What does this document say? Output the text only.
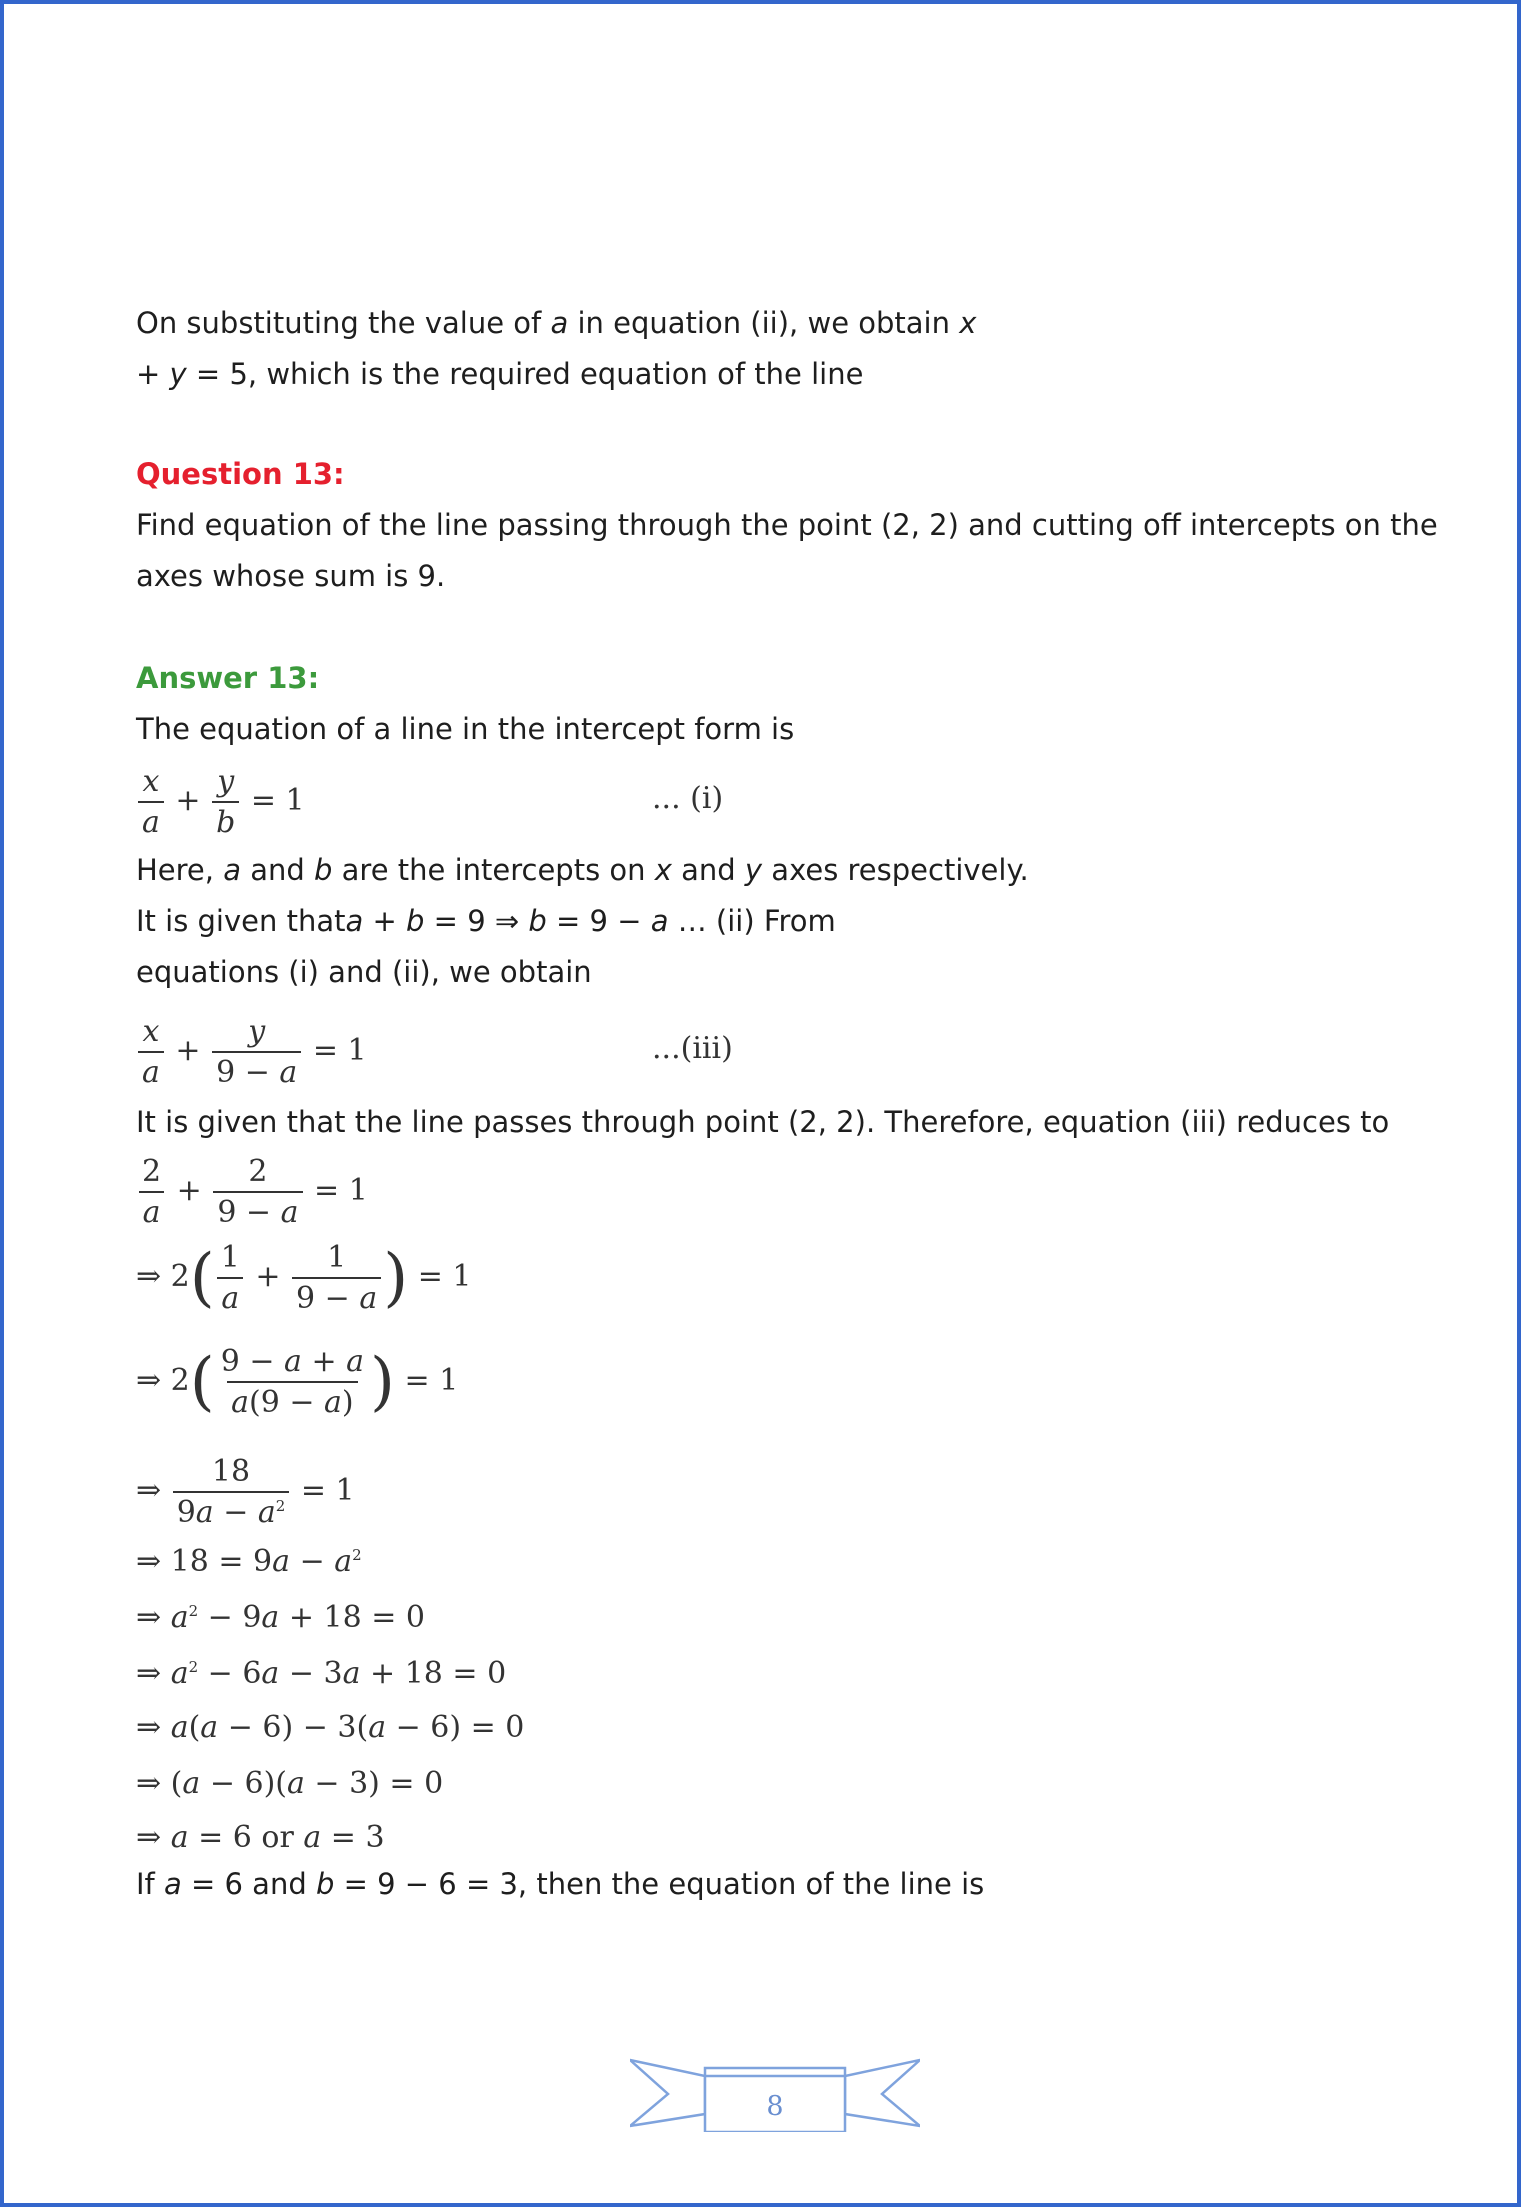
On substituting the value of a in equation (ii), we obtain x
+ y = 5, which is the required equation of the line
Question 13:
Find equation of the line passing through the point (2, 2) and cutting off intercepts on the
axes whose sum is 9.
Answer 13:
The equation of a line in the intercept form is
$\frac{x}{a} + \frac{y}{b} = 1$	... (i)
Here, a and b are the intercepts on x and y axes respectively.
It is given thata + b = 9 ⇒ b = 9 − a … (ii) From
equations (i) and (ii), we obtain
$\frac{x}{a} + \frac{y}{9 - a} = 1$	...(iii)
It is given that the line passes through point (2, 2). Therefore, equation (iii) reduces to
$\frac{2}{a} + \frac{2}{9 - a} = 1$
⇒ $2( \frac{1}{a} + \frac{1}{9 - a}$ ) = 1
⇒ $2( \frac{9 - a + a}{a(9 - a)}$ ) = 1
⇒ $\frac{18}{9a - a^2} = 1$
⇒ $18 = 9a - a^2$
⇒ $a^2 - 9a + 18 = 0$
⇒ $a^2 - 6a - 3a + 18 = 0$
⇒ a(a − 6) − 3(a − 6) = 0
⇒ (a − 6)(a − 3) = 0
⇒ a = 6 or a = 3
If a = 6 and b = 9 − 6 = 3, then the equation of the line is
8
